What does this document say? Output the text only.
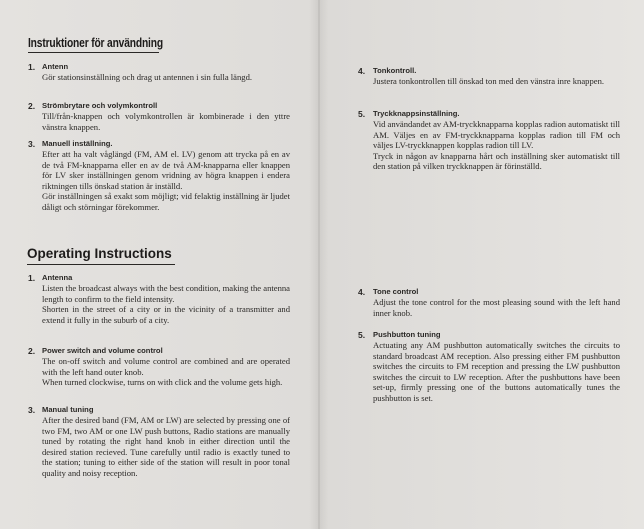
Instruktioner för användning
1. Antenn

Gör stationsinställning och drag ut antennen i sin fulla längd.

2. Strömbrytare och volymkontroll

Till/från-knappen och volymkontrollen är kombinerade i den yttre vänstra knappen.

3. Manuell inställning.

Efter att ha valt våglängd (FM, AM el. LV) genom att trycka på en av de två FM-knapparna eller en av de två AM-knapparna eller knappen för LV sker inställningen genom vridning av högra knappen i endera riktningen tills önskad station är inställd.

Gör inställningen så exakt som möjligt; vid felaktig inställning är ljudet dåligt och störningar förekommer.

4. Tonkontroll.

Justera tonkontrollen till önskad ton med den vänstra inre knappen.

5. Tryckknappsinställning.

Vid användandet av AM-tryckknapparna kopplas radion automatiskt till AM. Väljes en av FM-tryckknapparna kopplas radion till FM och väljes LV-tryckknappen kopplas radion till LV.

Tryck in någon av knapparna hårt och inställning sker automatiskt till den station på vilken tryckknappen är förinställd.

Operating Instructions
1. Antenna

Listen the broadcast always with the best condition, making the antenna length to confirm to the field intensity.

Shorten in the street of a city or in the vicinity of a transmitter and extend it fully in the suburb of a city.

2. Power switch and volume control

The on-off switch and volume control are combined and are operated with the left hand outer knob.

When turned clockwise, turns on with click and the volume gets high.

3. Manual tuning

After the desired band (FM, AM or LW) are selected by pressing one of two FM, two AM or one LW push buttons, Radio stations are manually tuned by rotating the right hand knob in either direction until the desired station recieved. Tune carefully until radio is exactly tuned to the station; tuning to either side of the station will result in poor tonal quality and noisy reception.

4. Tone control

Adjust the tone control for the most pleasing sound with the left hand inner knob.

5. Pushbutton tuning

Actuating any AM pushbutton automatically switches the circuits to standard broadcast AM reception. Also pressing either FM pushbutton switches the circuits to FM reception and pressing the LW pushbutton switches the circuit to LW reception. After the pushbuttons have been set-up, firmly pressing one of the buttons automatically tunes the pushbutton is set.
